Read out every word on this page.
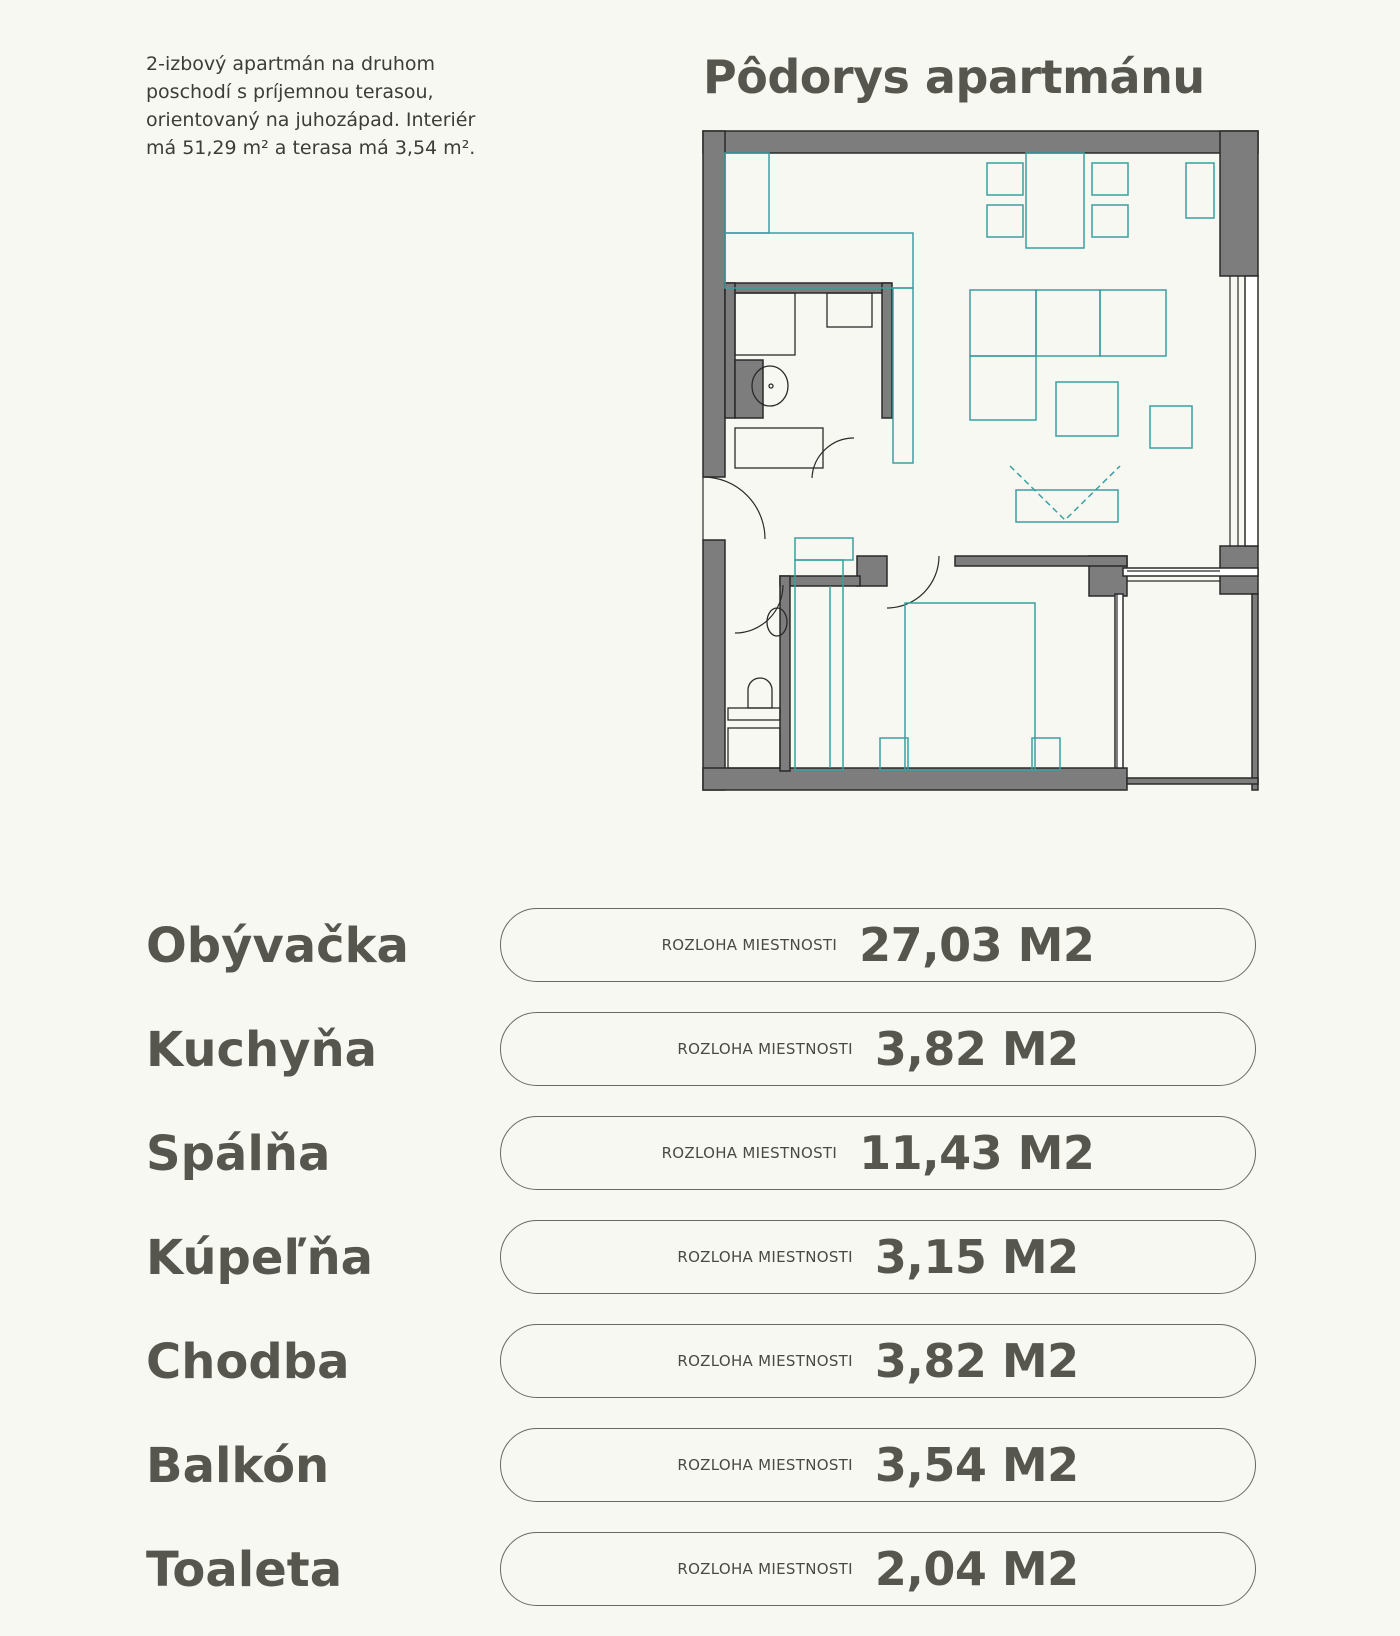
2-izbový apartmán na druhom poschodí s príjemnou terasou, orientovaný na juhozápad. Interiér má 51,29 m² a terasa má 3,54 m².

Pôdorys apartmánu
Obývačka	ROZLOHA MIESTNOSTI 27,03 M2
Kuchyňa	ROZLOHA MIESTNOSTI 3,82 M2
Spálňa	ROZLOHA MIESTNOSTI 11,43 M2
Kúpeľňa	ROZLOHA MIESTNOSTI 3,15 M2
Chodba	ROZLOHA MIESTNOSTI 3,82 M2
Balkón	ROZLOHA MIESTNOSTI 3,54 M2
Toaleta	ROZLOHA MIESTNOSTI 2,04 M2
